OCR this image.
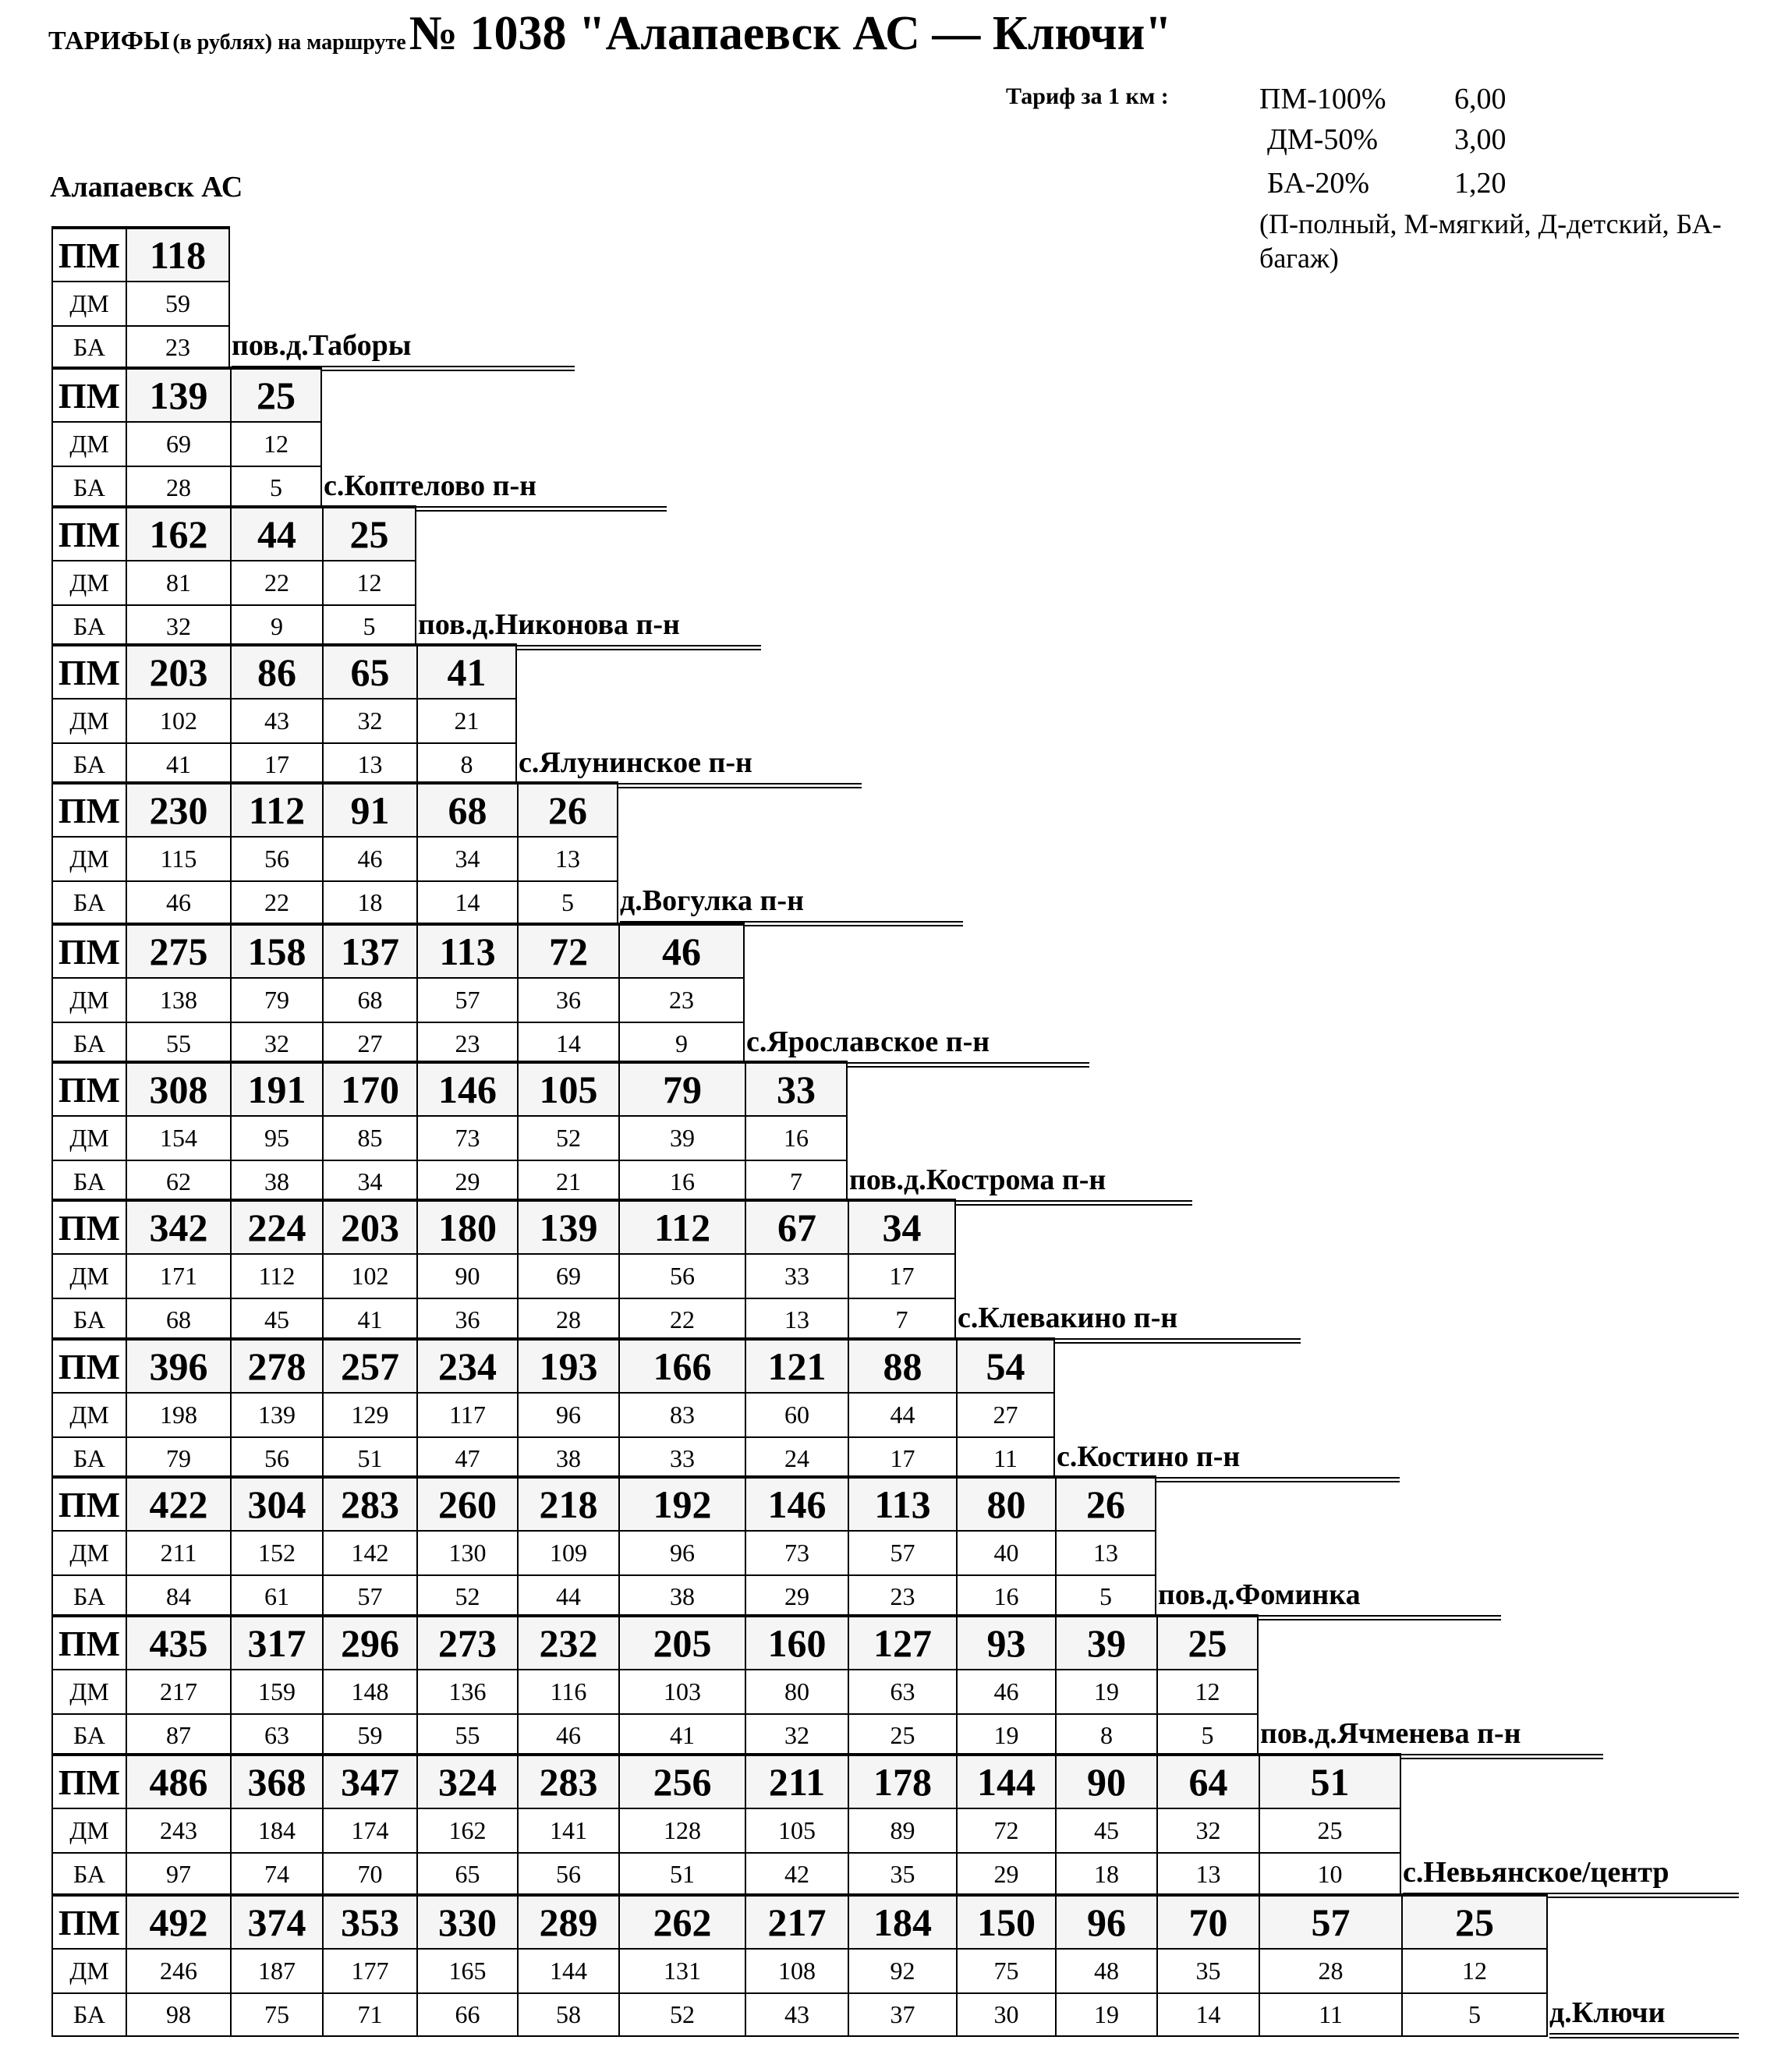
ТАРИФЫ (в рублях) на маршруте № 1038 "Алапаевск АС — Ключи"
Тариф за 1 км :	ПМ-100% 6,00
ДМ-50%	3,00
БА-20%	1,20
(П-полный, М-мягкий, Д-детский, БА-багаж)
Алапаевск АС
ПМ 118
ДМ	59
БА	23	пов.д.Таборы
ПМ 139	25
ДМ	69	12
БА	28	5	с.Коптелово п-н
ПМ 162	44	25
ДМ	81	22	12
БА	32	9	5	пов.д.Никонова п-н
ПМ 203	86	65	41
ДМ	102	43	32	21
БА	41	17	13	8	с.Ялунинское п-н
ПМ 230	112	91	68	26
ДМ	115	56	46	34	13
БА	46	22	18	14	5	д.Вогулка п-н
ПМ 275	158 137	113	72	46
ДМ	138	79	68	57	36	23
БА	55	32	27	23	14	9	с.Ярославское п-н
ПМ 308	191 170	146	105	79	33
ДМ	154	95	85	73	52	39	16
БА	62	38	34	29	21	16	7	пов.д.Кострома п-н
ПМ 342	224 203	180	139	112	67	34
ДМ	171	112	102	90	69	56	33	17
БА	68	45	41	36	28	22	13	7	с.Клевакино п-н
ПМ 396	278 257	234	193	166	121	88	54
ДМ	198	139	129	117	96	83	60	44	27
БА	79	56	51	47	38	33	24	17	11	с.Костино п-н
ПМ 422	304 283	260	218	192	146	113	80	26
ДМ	211	152	142	130	109	96	73	57	40	13
БА	84	61	57	52	44	38	29	23	16	5	пов.д.Фоминка
ПМ 435	317 296	273	232	205	160	127	93	39	25
ДМ	217	159	148	136	116	103	80	63	46	19	12
БА	87	63	59	55	46	41	32	25	19	8	5	пов.д.Ячменева п-н
ПМ 486	368 347	324	283	256	211	178	144	90	64	51
ДМ	243	184	174	162	141	128	105	89	72	45	32	25
БА	97	74	70	65	56	51	42	35	29	18	13	10	с.Невьянское/центр
ПМ 492	374 353	330	289	262	217	184	150	96	70	57	25
ДМ	246	187	177	165	144	131	108	92	75	48	35	28	12
БА	98	75	71	66	58	52	43	37	30	19	14	11	5	д.Ключи
